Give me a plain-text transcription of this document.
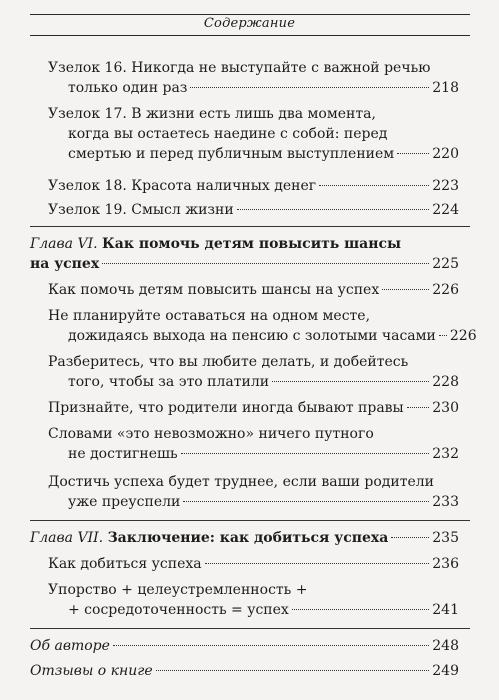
Содержание
Узелок 16. Никогда не выступайте с важной речью
только один раз	218
Узелок 17. В жизни есть лишь два момента,
когда вы остаетесь наедине с собой: перед
смертью и перед публичным выступлением	220
Узелок 18. Красота наличных денег	223
Узелок 19. Смысл жизни	224
Глава VI. Как помочь детям повысить шансы
на успех	225
Как помочь детям повысить шансы на успех	226
Не планируйте оставаться на одном месте,
дожидаясь выхода на пенсию с золотыми часами 226
Разберитесь, что вы любите делать, и добейтесь
того, чтобы за это платили	228
Признайте, что родители иногда бывают правы 230
Словами «это невозможно» ничего путного
не достигнешь	232
Достичь успеха будет труднее, если ваши родители
уже преуспели	233
Глава VII. Заключение: как добиться успеха	235
Как добиться успеха	236
Упорство + целеустремленность +
+ сосредоточенность = успех	241
Об авторе	248
Отзывы о книге	249
